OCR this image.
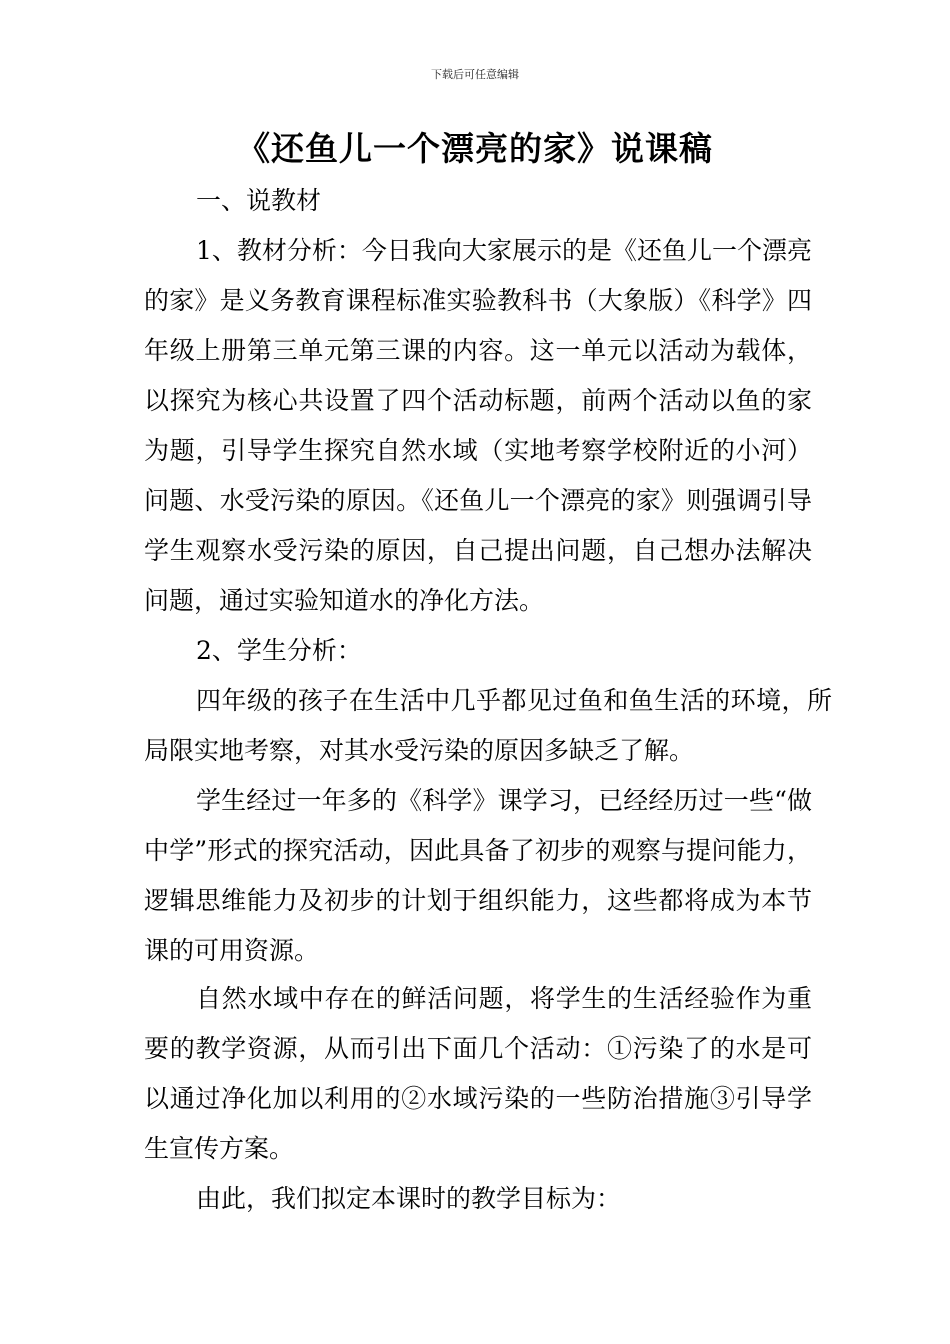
下载后可任意编辑
《还鱼儿一个漂亮的家》说课稿
一、说教材

1、教材分析：今日我向大家展示的是《还鱼儿一个漂亮的家》是义务教育课程标准实验教科书（大象版）《科学》四年级上册第三单元第三课的内容。这一单元以活动为载体，以探究为核心共设置了四个活动标题，前两个活动以鱼的家为题，引导学生探究自然水域（实地考察学校附近的小河）问题、水受污染的原因。《还鱼儿一个漂亮的家》则强调引导学生观察水受污染的原因，自己提出问题，自己想办法解决问题，通过实验知道水的净化方法。

2、学生分析：

四年级的孩子在生活中几乎都见过鱼和鱼生活的环境，所局限实地考察，对其水受污染的原因多缺乏了解。

学生经过一年多的《科学》课学习，已经经历过一些“做中学”形式的探究活动，因此具备了初步的观察与提问能力，逻辑思维能力及初步的计划于组织能力，这些都将成为本节课的可用资源。

自然水域中存在的鲜活问题，将学生的生活经验作为重要的教学资源，从而引出下面几个活动：①污染了的水是可以通过净化加以利用的②水域污染的一些防治措施③引导学生宣传方案。

由此，我们拟定本课时的教学目标为：
